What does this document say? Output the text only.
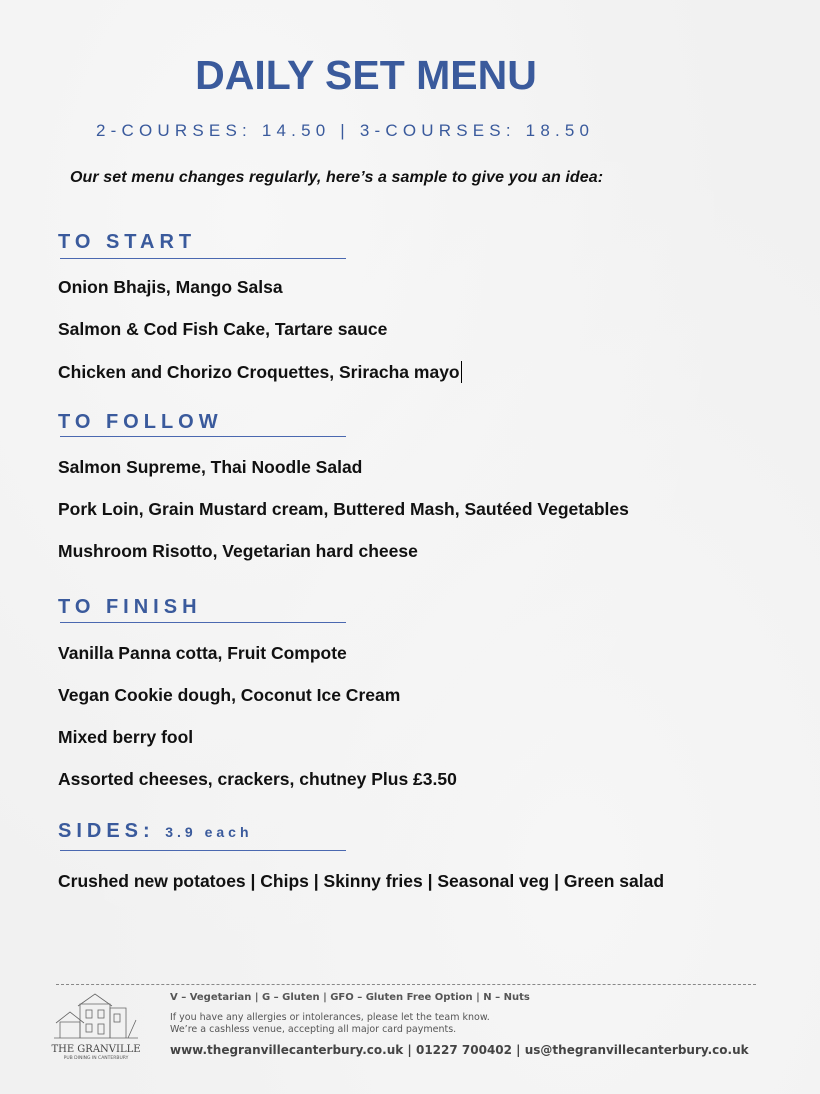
DAILY SET MENU
2-COURSES: 14.50 | 3-COURSES: 18.50
Our set menu changes regularly, here’s a sample to give you an idea:
TO START
Onion Bhajis, Mango Salsa
Salmon & Cod Fish Cake, Tartare sauce
Chicken and Chorizo Croquettes, Sriracha mayo
TO FOLLOW
Salmon Supreme, Thai Noodle Salad
Pork Loin, Grain Mustard cream, Buttered Mash, Sautéed Vegetables
Mushroom Risotto, Vegetarian hard cheese
TO FINISH
Vanilla Panna cotta, Fruit Compote
Vegan Cookie dough, Coconut Ice Cream
Mixed berry fool
Assorted cheeses, crackers, chutney Plus £3.50
SIDES: 3.9 each
Crushed new potatoes | Chips | Skinny fries | Seasonal veg | Green salad
THE GRANVILLE
PUB DINING IN CANTERBURY
V – Vegetarian | G – Gluten | GFO – Gluten Free Option | N – Nuts
If you have any allergies or intolerances, please let the team know.
We’re a cashless venue, accepting all major card payments.
www.thegranvillecanterbury.co.uk | 01227 700402 | us@thegranvillecanterbury.co.uk
